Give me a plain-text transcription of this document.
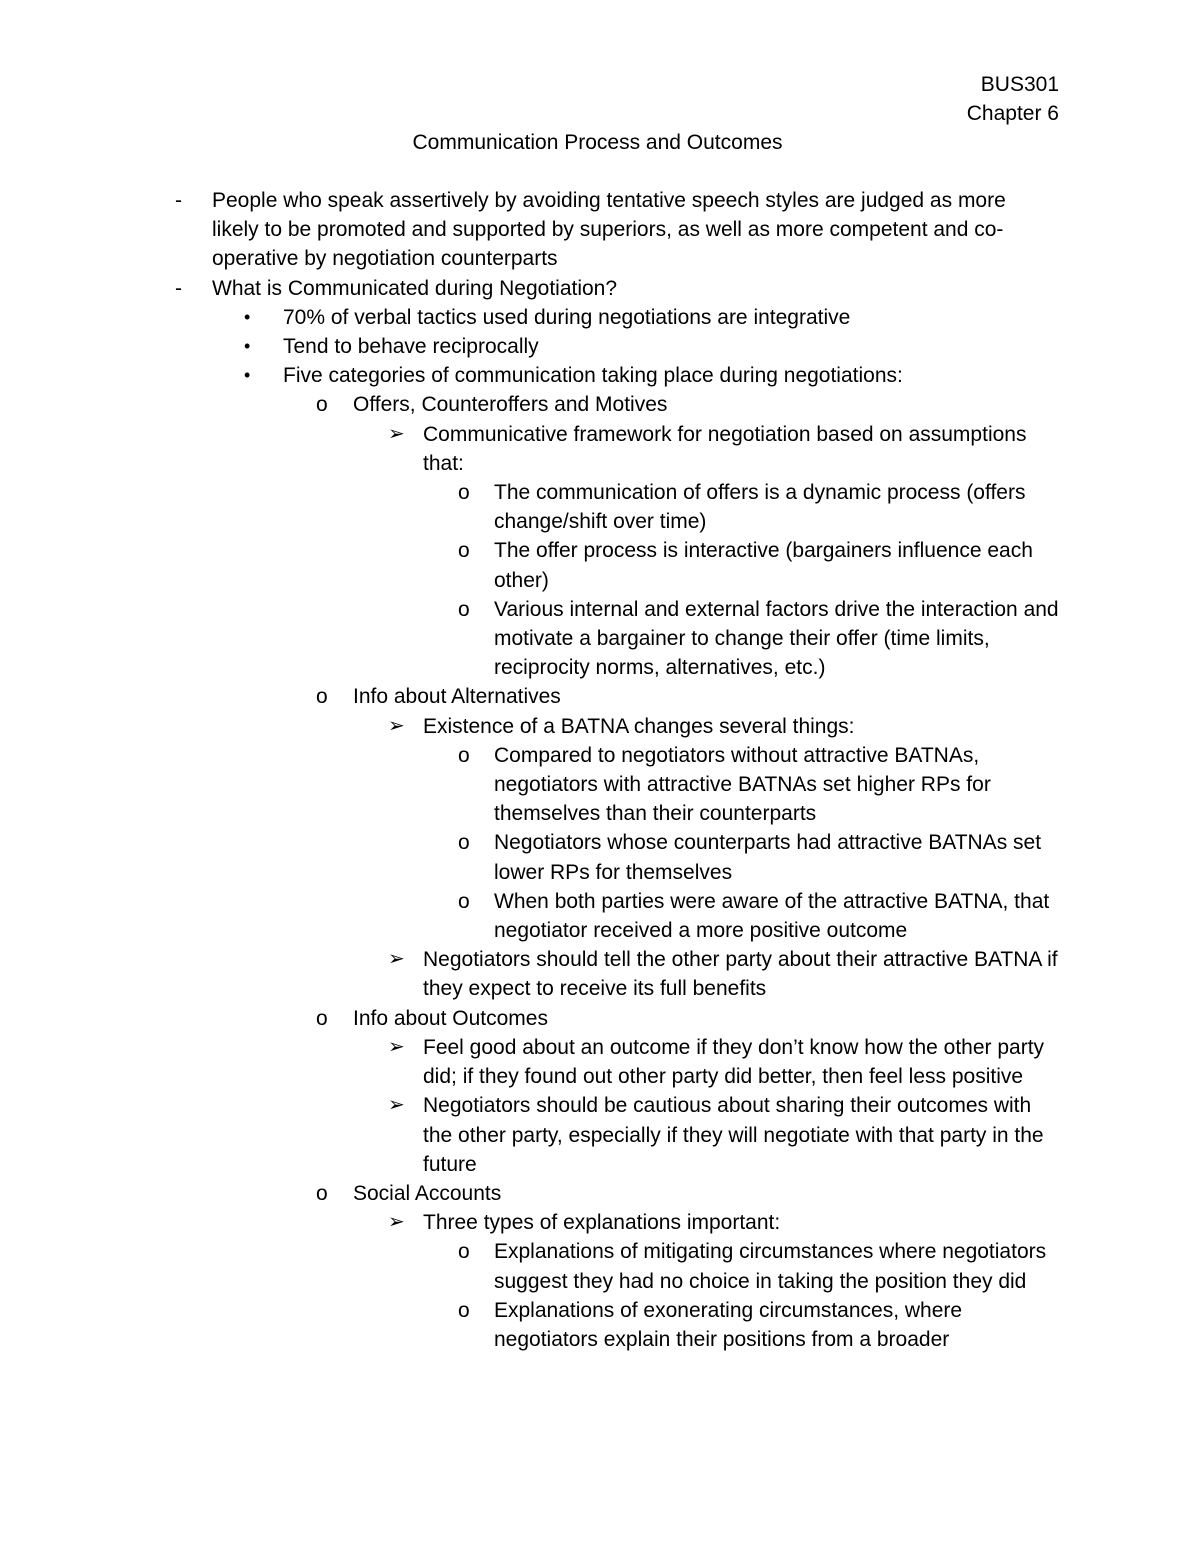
BUS301
Chapter 6
Communication Process and Outcomes
- People who speak assertively by avoiding tentative speech styles are judged as more likely to be promoted and supported by superiors, as well as more competent and co-operative by negotiation counterparts
- What is Communicated during Negotiation?
• 70% of verbal tactics used during negotiations are integrative
• Tend to behave reciprocally
• Five categories of communication taking place during negotiations:
o Offers, Counteroffers and Motives
➢ Communicative framework for negotiation based on assumptions that:
o The communication of offers is a dynamic process (offers change/shift over time)
o The offer process is interactive (bargainers influence each other)
o Various internal and external factors drive the interaction and motivate a bargainer to change their offer (time limits, reciprocity norms, alternatives, etc.)
o Info about Alternatives
➢ Existence of a BATNA changes several things:
o Compared to negotiators without attractive BATNAs, negotiators with attractive BATNAs set higher RPs for themselves than their counterparts
o Negotiators whose counterparts had attractive BATNAs set lower RPs for themselves
o When both parties were aware of the attractive BATNA, that negotiator received a more positive outcome
➢ Negotiators should tell the other party about their attractive BATNA if they expect to receive its full benefits
o Info about Outcomes
➢ Feel good about an outcome if they don’t know how the other party did; if they found out other party did better, then feel less positive
➢ Negotiators should be cautious about sharing their outcomes with the other party, especially if they will negotiate with that party in the future
o Social Accounts
➢ Three types of explanations important:
o Explanations of mitigating circumstances where negotiators suggest they had no choice in taking the position they did
o Explanations of exonerating circumstances, where negotiators explain their positions from a broader
